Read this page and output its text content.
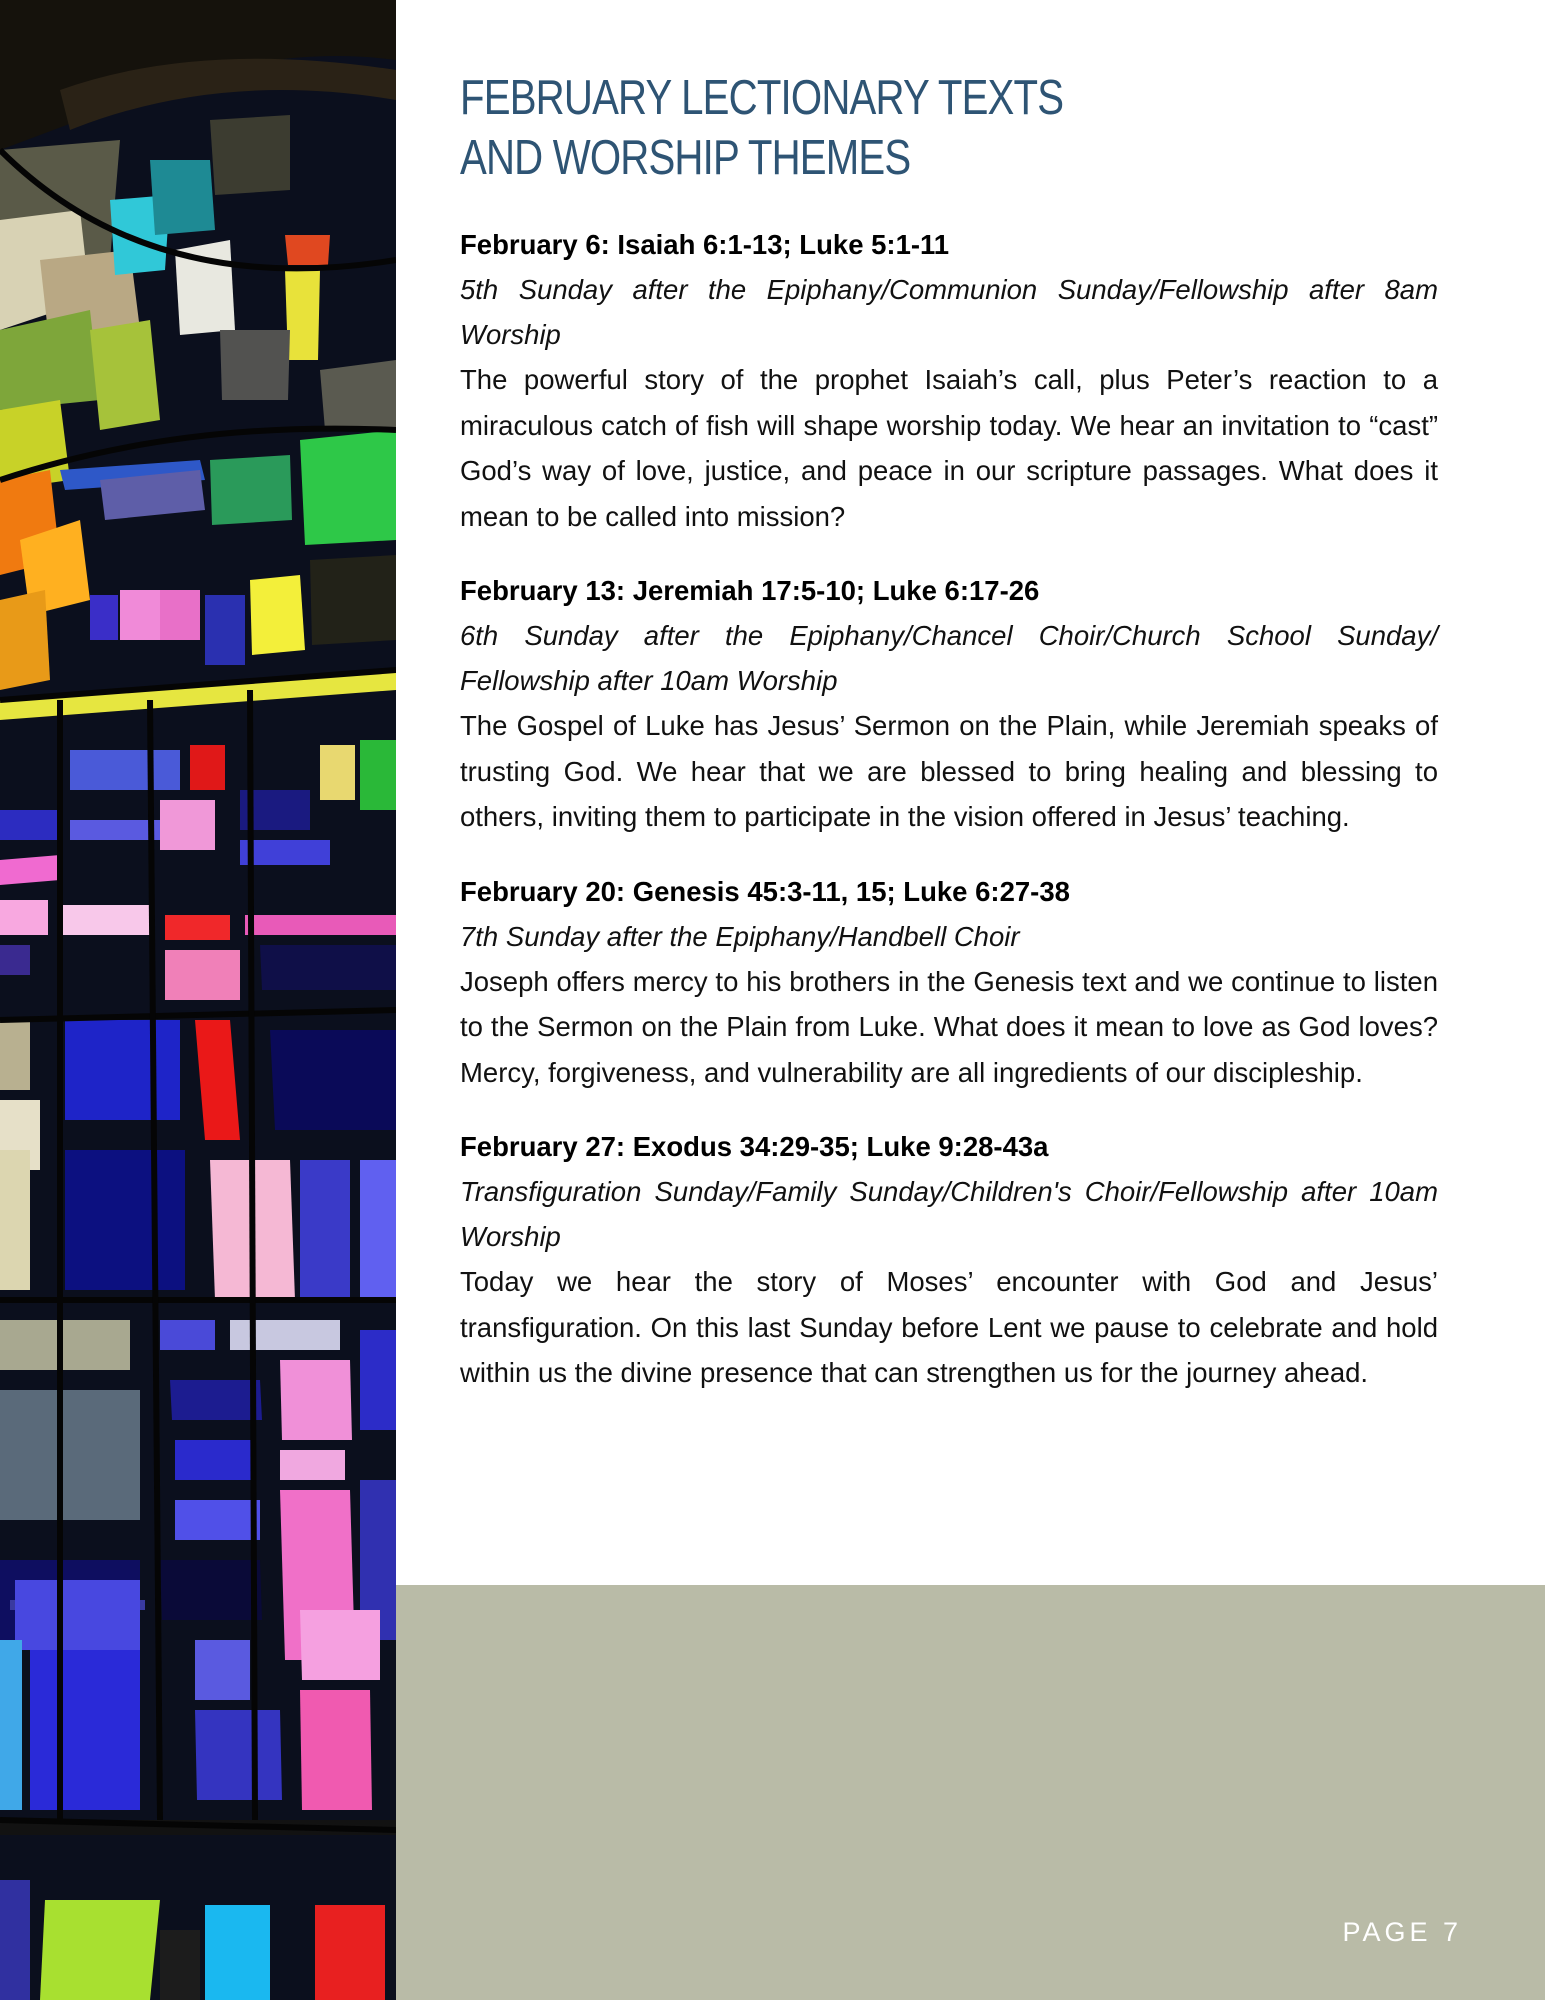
FEBRUARY LECTIONARY TEXTS
AND WORSHIP THEMES
February 6: Isaiah 6:1-13; Luke 5:1-11
5th Sunday after the Epiphany/Communion Sunday/Fellowship after 8am Worship
The powerful story of the prophet Isaiah’s call, plus Peter’s reaction to a miraculous catch of fish will shape worship today. We hear an invitation to “cast” God’s way of love, justice, and peace in our scripture passages. What does it mean to be called into mission?
February 13: Jeremiah 17:5-10; Luke 6:17-26
6th Sunday after the Epiphany/Chancel Choir/Church School Sunday/ Fellowship after 10am Worship
The Gospel of Luke has Jesus’ Sermon on the Plain, while Jeremiah speaks of trusting God. We hear that we are blessed to bring healing and blessing to others, inviting them to participate in the vision offered in Jesus’ teaching.
February 20: Genesis 45:3-11, 15; Luke 6:27-38
7th Sunday after the Epiphany/Handbell Choir
Joseph offers mercy to his brothers in the Genesis text and we continue to listen to the Sermon on the Plain from Luke. What does it mean to love as God loves? Mercy, forgiveness, and vulnerability are all ingredients of our discipleship.
February 27: Exodus 34:29-35; Luke 9:28-43a
Transfiguration Sunday/Family Sunday/Children's Choir/Fellowship after 10am Worship
Today we hear the story of Moses’ encounter with God and Jesus’ transfiguration. On this last Sunday before Lent we pause to celebrate and hold within us the divine presence that can strengthen us for the journey ahead.
PAGE 7
